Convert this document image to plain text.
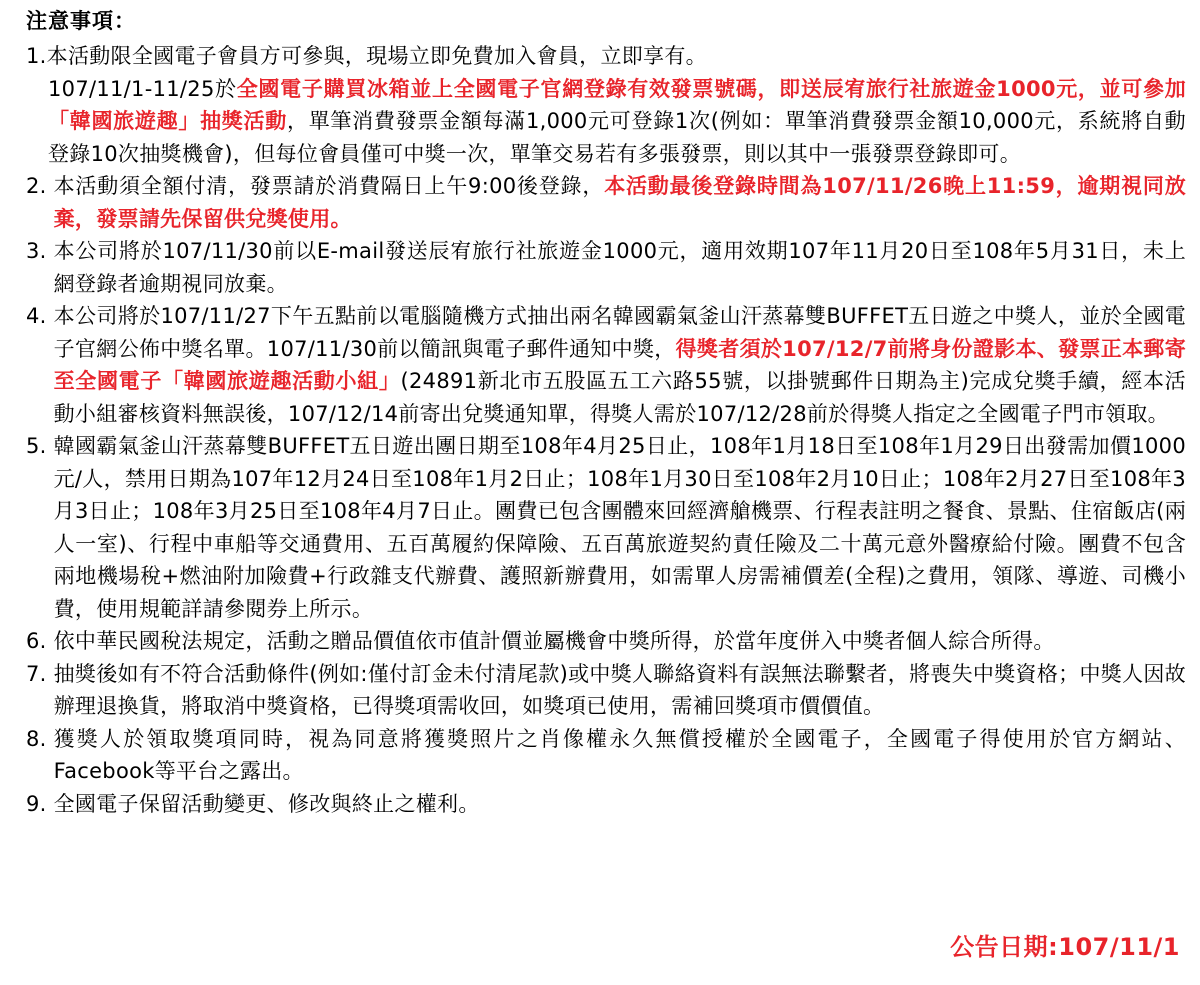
注意事項：
1. 本活動限全國電子會員方可參與，現場立即免費加入會員，立即享有。
107/11/1-11/25於全國電子購買冰箱並上全國電子官網登錄有效發票號碼，即送辰宥旅行社旅遊金1000元，並可參加「韓國旅遊趣」抽獎活動，單筆消費發票金額每滿1,000元可登錄1次(例如：單筆消費發票金額10,000元，系統將自動登錄10次抽獎機會)，但每位會員僅可中獎一次，單筆交易若有多張發票，則以其中一張發票登錄即可。
2. 本活動須全額付清，發票請於消費隔日上午9:00後登錄，本活動最後登錄時間為107/11/26晚上11:59，逾期視同放棄，發票請先保留供兌獎使用。
3. 本公司將於107/11/30前以E-mail發送辰宥旅行社旅遊金1000元，適用效期107年11月20日至108年5月31日，未上網登錄者逾期視同放棄。
4. 本公司將於107/11/27下午五點前以電腦隨機方式抽出兩名韓國霸氣釜山汗蒸幕雙BUFFET五日遊之中獎人，並於全國電子官網公佈中獎名單。107/11/30前以簡訊與電子郵件通知中獎，得獎者須於107/12/7前將身份證影本、發票正本郵寄至全國電子「韓國旅遊趣活動小組」(24891新北市五股區五工六路55號，以掛號郵件日期為主)完成兌獎手續，經本活動小組審核資料無誤後，107/12/14前寄出兌獎通知單，得獎人需於107/12/28前於得獎人指定之全國電子門市領取。
5. 韓國霸氣釜山汗蒸幕雙BUFFET五日遊出團日期至108年4月25日止，108年1月18日至108年1月29日出發需加價1000元/人，禁用日期為107年12月24日至108年1月2日止；108年1月30日至108年2月10日止；108年2月27日至108年3月3日止；108年3月25日至108年4月7日止。團費已包含團體來回經濟艙機票、行程表註明之餐食、景點、住宿飯店(兩人一室)、行程中車船等交通費用、五百萬履約保障險、五百萬旅遊契約責任險及二十萬元意外醫療給付險。團費不包含兩地機場稅+燃油附加險費+行政雜支代辦費、護照新辦費用，如需單人房需補價差(全程)之費用，領隊、導遊、司機小費，使用規範詳請參閱券上所示。
6. 依中華民國稅法規定，活動之贈品價值依市值計價並屬機會中獎所得，於當年度併入中獎者個人綜合所得。
7. 抽獎後如有不符合活動條件(例如:僅付訂金未付清尾款)或中獎人聯絡資料有誤無法聯繫者，將喪失中獎資格；中獎人因故辦理退換貨，將取消中獎資格，已得獎項需收回，如獎項已使用，需補回獎項市價價值。
8. 獲獎人於領取獎項同時，視為同意將獲獎照片之肖像權永久無償授權於全國電子，全國電子得使用於官方網站、Facebook等平台之露出。
9. 全國電子保留活動變更、修改與終止之權利。
公告日期:107/11/1
